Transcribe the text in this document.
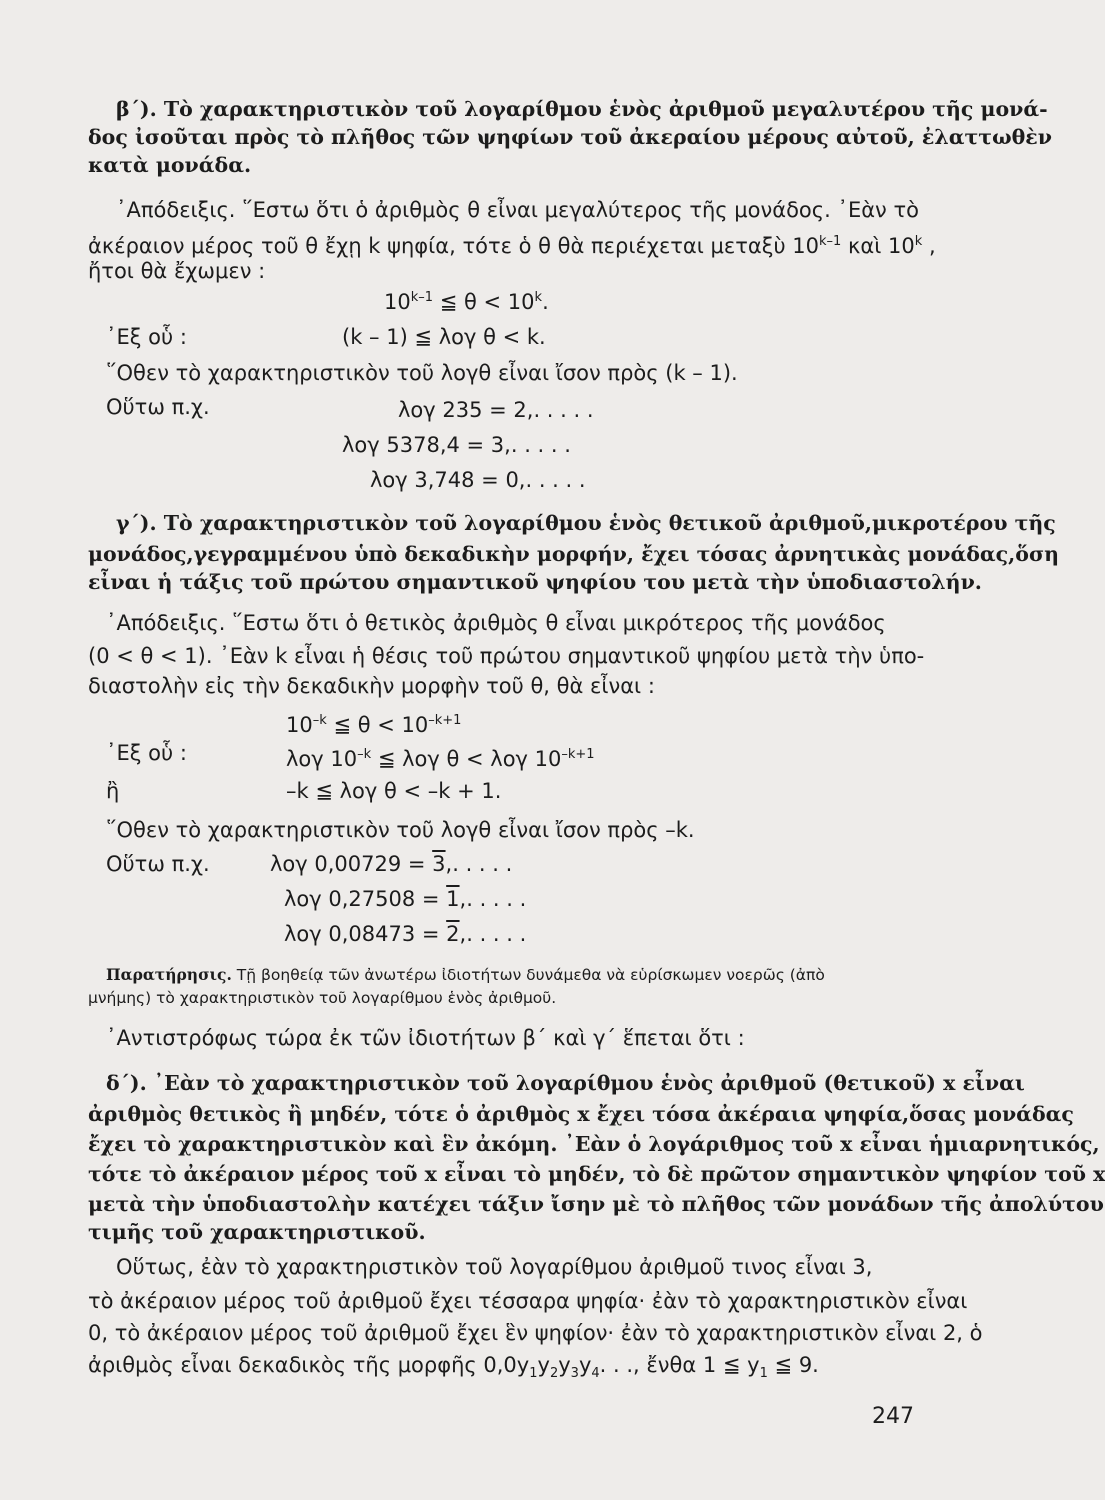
β΄). Τὸ χαρακτηριστικὸν τοῦ λογαρίθμου ἑνὸς ἀριθμοῦ μεγαλυτέρου τῆς μονά-
δος ἰσοῦται πρὸς τὸ πλῆθος τῶν ψηφίων τοῦ ἀκεραίου μέρους αὐτοῦ, ἐλαττωθὲν
κατὰ μονάδα.
᾿Απόδειξις. ῞Εστω ὅτι ὁ ἀριθμὸς θ εἶναι μεγαλύτερος τῆς μονάδος. ᾿Εὰν τὸ
ἀκέραιον μέρος τοῦ θ ἔχῃ k ψηφία, τότε ὁ θ θὰ περιέχεται μεταξὺ 10$^{k-1}$ καὶ 10$^k$ ,
ἤτοι θὰ ἔχωμεν :
10$^{k-1}$ ≦ $\theta < 10^k$.
᾿Εξ οὗ :	(k – 1) ≦ λογ θ < k.
῞Οθεν τὸ χαρακτηριστικὸν τοῦ λογθ εἶναι ἴσον πρὸς (k – 1).
Οὕτω π.χ.	λογ 235 = 2,. . . . .
λογ 5378,4 = 3,. . . . .
λογ 3,748 = 0,. . . . .
γ΄). Τὸ χαρακτηριστικὸν τοῦ λογαρίθμου ἑνὸς θετικοῦ ἀριθμοῦ,μικροτέρου τῆς
μονάδος,γεγραμμένου ὑπὸ δεκαδικὴν μορφήν, ἔχει τόσας ἀρνητικὰς μονάδας,ὅση
εἶναι ἡ τάξις τοῦ πρώτου σημαντικοῦ ψηφίου του μετὰ τὴν ὑποδιαστολήν.
᾿Απόδειξις. ῞Εστω ὅτι ὁ θετικὸς ἀριθμὸς θ εἶναι μικρότερος τῆς μονάδος
(0 < θ < 1). ᾿Εὰν k εἶναι ἡ θέσις τοῦ πρώτου σημαντικοῦ ψηφίου μετὰ τὴν ὑπο-
διαστολὴν εἰς τὴν δεκαδικὴν μορφὴν τοῦ θ, θὰ εἶναι :
$10^{-k}$ ≦ $\theta < 10^{-k+1}$
᾿Εξ οὗ :	λογ $10^{-k}$ ≦ λογ θ < λογ $10^{-k+1}$
ἢ	–k ≦ λογ θ < –k + 1.
῞Οθεν τὸ χαρακτηριστικὸν τοῦ λογθ εἶναι ἴσον πρὸς –k.
Οὕτω π.χ.	λογ 0,00729 = 3,. . . . .
λογ 0,27508 = 1,. . . . .
λογ 0,08473 = 2,. . . . .
Παρατήρησις. Τῇ βοηθείᾳ τῶν ἀνωτέρω ἰδιοτήτων δυνάμεθα νὰ εὑρίσκωμεν νοερῶς (ἀπὸ
μνήμης) τὸ χαρακτηριστικὸν τοῦ λογαρίθμου ἑνὸς ἀριθμοῦ.
᾿Αντιστρόφως τώρα ἐκ τῶν ἰδιοτήτων β΄ καὶ γ΄ ἕπεται ὅτι :
δ΄). ᾿Εὰν τὸ χαρακτηριστικὸν τοῦ λογαρίθμου ἑνὸς ἀριθμοῦ (θετικοῦ) x εἶναι
ἀριθμὸς θετικὸς ἢ μηδέν, τότε ὁ ἀριθμὸς x ἔχει τόσα ἀκέραια ψηφία,ὅσας μονάδας
ἔχει τὸ χαρακτηριστικὸν καὶ ἓν ἀκόμη. ᾿Εὰν ὁ λογάριθμος τοῦ x εἶναι ἡμιαρνητικός,
τότε τὸ ἀκέραιον μέρος τοῦ x εἶναι τὸ μηδέν, τὸ δὲ πρῶτον σημαντικὸν ψηφίον τοῦ x
μετὰ τὴν ὑποδιαστολὴν κατέχει τάξιν ἴσην μὲ τὸ πλῆθος τῶν μονάδων τῆς ἀπολύτου
τιμῆς τοῦ χαρακτηριστικοῦ.
Οὕτως, ἐὰν τὸ χαρακτηριστικὸν τοῦ λογαρίθμου ἀριθμοῦ τινος εἶναι 3,
τὸ ἀκέραιον μέρος τοῦ ἀριθμοῦ ἔχει τέσσαρα ψηφία· ἐὰν τὸ χαρακτηριστικὸν εἶναι
0, τὸ ἀκέραιον μέρος τοῦ ἀριθμοῦ ἔχει ἓν ψηφίον· ἐὰν τὸ χαρακτηριστικὸν εἶναι 2, ὁ
ἀριθμὸς εἶναι δεκαδικὸς τῆς μορφῆς $0,0y_1y_2y_3y_4$. . ., ἔνθα 1 ≦ $y_1$ ≦ 9.
247
